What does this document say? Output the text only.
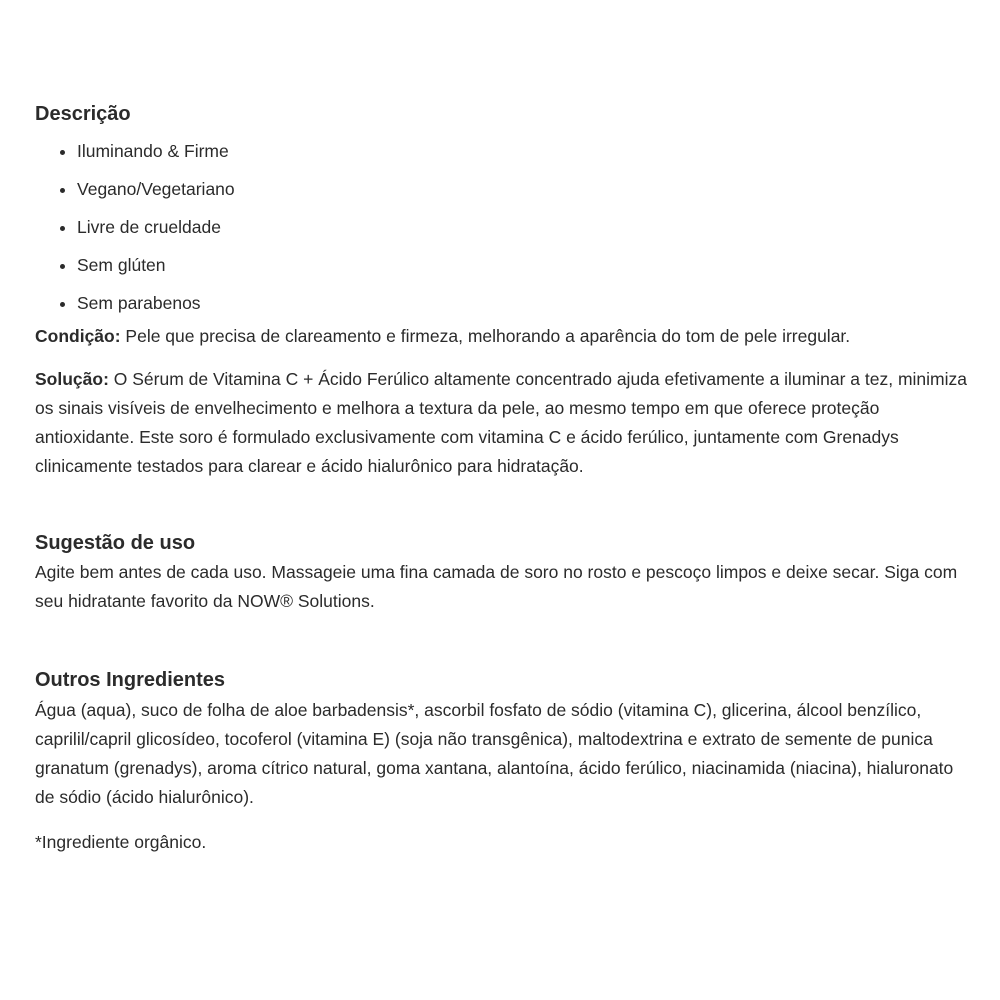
Descrição
• Iluminando & Firme
• Vegano/Vegetariano
• Livre de crueldade
• Sem glúten
• Sem parabenos

Condição: Pele que precisa de clareamento e firmeza, melhorando a aparência do tom de pele irregular.

Solução: O Sérum de Vitamina C + Ácido Ferúlico altamente concentrado ajuda efetivamente a iluminar a tez, minimiza os sinais visíveis de envelhecimento e melhora a textura da pele, ao mesmo tempo em que oferece proteção antioxidante. Este soro é formulado exclusivamente com vitamina C e ácido ferúlico, juntamente com Grenadys clinicamente testados para clarear e ácido hialurônico para hidratação.

Sugestão de uso

Agite bem antes de cada uso. Massageie uma fina camada de soro no rosto e pescoço limpos e deixe secar. Siga com seu hidratante favorito da NOW® Solutions.

Outros Ingredientes

Água (aqua), suco de folha de aloe barbadensis*, ascorbil fosfato de sódio (vitamina C), glicerina, álcool benzílico, caprilil/capril glicosídeo, tocoferol (vitamina E) (soja não transgênica), maltodextrina e extrato de semente de punica granatum (grenadys), aroma cítrico natural, goma xantana, alantoína, ácido ferúlico, niacinamida (niacina), hialuronato de sódio (ácido hialurônico).

*Ingrediente orgânico.
